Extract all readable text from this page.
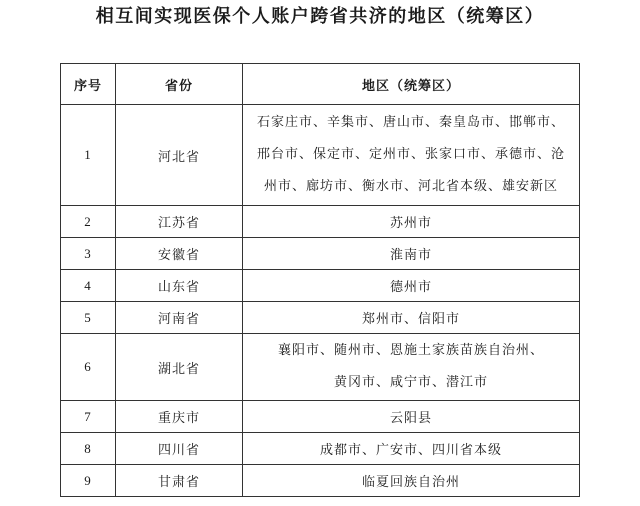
相互间实现医保个人账户跨省共济的地区（统筹区）
序号	省份	地区（统筹区）
1	河北省	石家庄市、辛集市、唐山市、秦皇岛市、邯郸市、
邢台市、保定市、定州市、张家口市、承德市、沧
州市、廊坊市、衡水市、河北省本级、雄安新区

2	江苏省	苏州市
3	安徽省	淮南市
4	山东省	德州市
5	河南省	郑州市、信阳市
6	湖北省	襄阳市、随州市、恩施土家族苗族自治州、
黄冈市、咸宁市、潜江市

7	重庆市	云阳县
8	四川省	成都市、广安市、四川省本级
9	甘肃省	临夏回族自治州
